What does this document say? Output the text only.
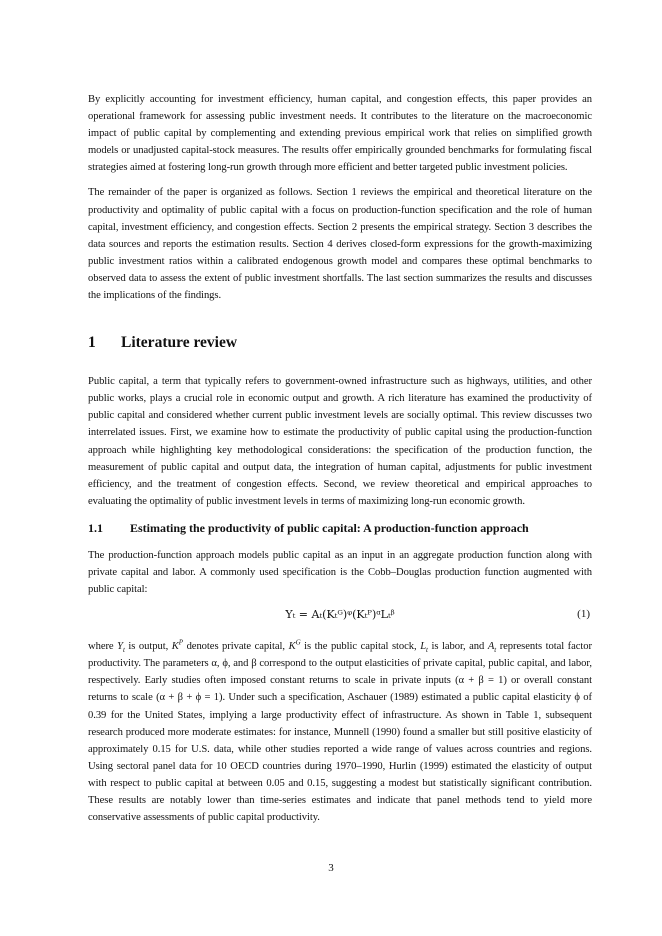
By explicitly accounting for investment efficiency, human capital, and congestion effects, this paper provides an operational framework for assessing public investment needs. It contributes to the literature on the macroeconomic impact of public capital by complementing and extending previous empirical work that relies on simplified growth models or unadjusted capital-stock measures. The results offer empirically grounded benchmarks for formulating fiscal strategies aimed at fostering long-run growth through more efficient and better targeted public investment policies.

The remainder of the paper is organized as follows. Section 1 reviews the empirical and theoretical literature on the productivity and optimality of public capital with a focus on production-function specification and the role of human capital, investment efficiency, and congestion effects. Section 2 presents the empirical strategy. Section 3 describes the data sources and reports the estimation results. Section 4 derives closed-form expressions for the growth-maximizing public investment ratios within a calibrated endogenous growth model and compares these optimal benchmarks to observed data to assess the extent of public investment shortfalls. The last section summarizes the results and discusses the implications of the findings.

1 Literature review

Public capital, a term that typically refers to government-owned infrastructure such as highways, utilities, and other public works, plays a crucial role in economic output and growth. A rich literature has examined the productivity of public capital and considered whether current public investment levels are socially optimal. This review discusses two interrelated issues. First, we examine how to estimate the productivity of public capital using the production-function approach while highlighting key methodological considerations: the specification of the production function, the measurement of public capital and output data, the integration of human capital, adjustments for public investment efficiency, and the treatment of congestion effects. Second, we review theoretical and empirical approaches to evaluating the optimality of public investment levels in terms of maximizing long-run economic growth.

1.1 Estimating the productivity of public capital: A production-function approach

The production-function approach models public capital as an input in an aggregate production function along with private capital and labor. A commonly used specification is the Cobb–Douglas production function augmented with public capital:

Yₜ = Aₜ(Kₜᴳ)ᵠ(Kₜᴾ)ᵅLₜᵝ	(1)

where $Y_t$ is output, $K^P$ denotes private capital, $K^G$ is the public capital stock, $L_t$ is labor, and $A_t$ represents total factor productivity. The parameters α, ϕ, and β correspond to the output elasticities of private capital, public capital, and labor, respectively. Early studies often imposed constant returns to scale in private inputs (α + β = 1) or overall constant returns to scale (α + β + ϕ = 1). Under such a specification, Aschauer (1989) estimated a public capital elasticity ϕ of 0.39 for the United States, implying a large productivity effect of infrastructure. As shown in Table 1, subsequent research produced more moderate estimates: for instance, Munnell (1990) found a smaller but still positive elasticity of approximately 0.15 for U.S. data, while other studies reported a wide range of values across countries and regions. Using sectoral panel data for 10 OECD countries during 1970–1990, Hurlin (1999) estimated the elasticity of output with respect to public capital at between 0.05 and 0.15, suggesting a modest but statistically significant contribution. These results are notably lower than time-series estimates and indicate that panel methods tend to yield more conservative assessments of public capital productivity.

3
